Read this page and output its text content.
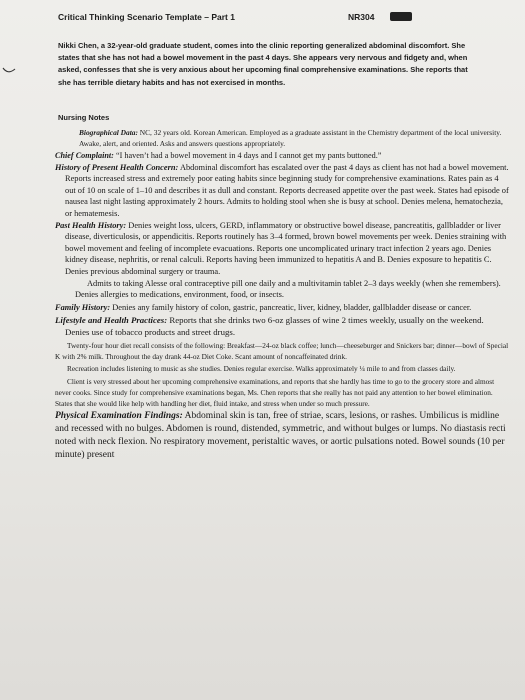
Critical Thinking Scenario Template – Part 1	NR304
Nikki Chen, a 32-year-old graduate student, comes into the clinic reporting generalized abdominal discomfort. She states that she has not had a bowel movement in the past 4 days. She appears very nervous and fidgety and, when asked, confesses that she is very anxious about her upcoming final comprehensive examinations. She reports that she has terrible dietary habits and has not exercised in months.
Nursing Notes
Biographical Data: NC, 32 years old. Korean American. Employed as a graduate assistant in the Chemistry department of the local university. Awake, alert, and oriented. Asks and answers questions appropriately.
Chief Complaint: “I haven’t had a bowel movement in 4 days and I cannot get my pants buttoned.”
History of Present Health Concern: Abdominal discomfort has escalated over the past 4 days as client has not had a bowel movement. Reports increased stress and extremely poor eating habits since beginning study for comprehensive examinations. Rates pain as 4 out of 10 on scale of 1–10 and describes it as dull and constant. Reports decreased appetite over the past week. States had episode of nausea last night lasting approximately 2 hours. Admits to holding stool when she is busy at school. Denies melena, hematochezia, or hematemesis.
Past Health History: Denies weight loss, ulcers, GERD, inflammatory or obstructive bowel disease, pancreatitis, gallbladder or liver disease, diverticulosis, or appendicitis. Reports routinely has 3–4 formed, brown bowel movements per week. Denies straining with bowel movement and feeling of incomplete evacuations. Reports one uncomplicated urinary tract infection 2 years ago. Denies kidney disease, nephritis, or renal calculi. Reports having been immunized to hepatitis A and B. Denies exposure to hepatitis C. Denies previous abdominal surgery or trauma.
Admits to taking Alesse oral contraceptive pill one daily and a multivitamin tablet 2–3 days weekly (when she remembers). Denies allergies to medications, environment, food, or insects.
Family History: Denies any family history of colon, gastric, pancreatic, liver, kidney, bladder, gallbladder disease or cancer.
Lifestyle and Health Practices: Reports that she drinks two 6-oz glasses of wine 2 times weekly, usually on the weekend. Denies use of tobacco products and street drugs.
Twenty-four hour diet recall consists of the following: Breakfast—24-oz black coffee; lunch—cheeseburger and Snickers bar; dinner—bowl of Special K with 2% milk. Throughout the day drank 44-oz Diet Coke. Scant amount of noncaffeinated drink.
Recreation includes listening to music as she studies. Denies regular exercise. Walks approximately ¼ mile to and from classes daily.
Client is very stressed about her upcoming comprehensive examinations, and reports that she hardly has time to go to the grocery store and almost never cooks. Since study for comprehensive examinations began, Ms. Chen reports that she really has not paid any attention to her bowel elimination. States that she would like help with handling her diet, fluid intake, and stress when under so much pressure.
Physical Examination Findings: Abdominal skin is tan, free of striae, scars, lesions, or rashes. Umbilicus is midline and recessed with no bulges. Abdomen is round, distended, symmetric, and without bulges or lumps. No diastasis recti noted with neck flexion. No respiratory movement, peristaltic waves, or aortic pulsations noted. Bowel sounds (10 per minute) present
